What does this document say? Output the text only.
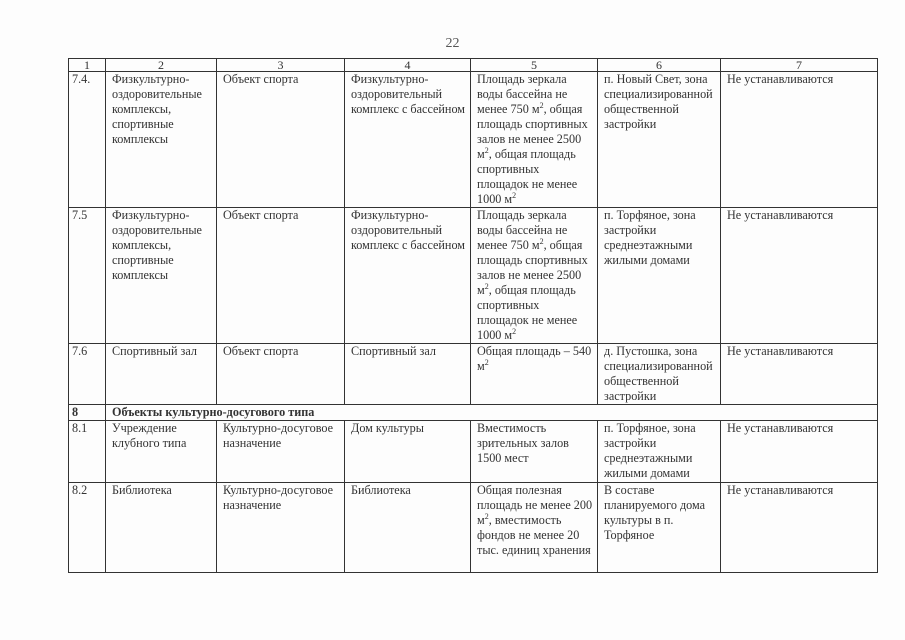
22
1	2	3	4	5	6	7
7.4.	Физкультурно-оздоровительные комплексы, спортивные комплексы	Объект спорта	Физкультурно-оздоровительный комплекс с бассейном	Площадь зеркала воды бассейна не менее 750 $м^2$, общая площадь спортивных залов не менее 2500 $м^2$, общая площадь спортивных площадок не менее 1000 $м^2$	п. Новый Свет, зона специализированной общественной застройки	Не устанавливаются
7.5	Физкультурно-оздоровительные комплексы, спортивные комплексы	Объект спорта	Физкультурно-оздоровительный комплекс с бассейном	Площадь зеркала воды бассейна не менее 750 $м^2$, общая площадь спортивных залов не менее 2500 $м^2$, общая площадь спортивных площадок не менее 1000 $м^2$	п. Торфяное, зона застройки среднеэтажными жилыми домами	Не устанавливаются
7.6	Спортивный зал	Объект спорта	Спортивный зал	Общая площадь – 540 $м^2$	д. Пустошка, зона специализированной общественной застройки	Не устанавливаются
8	Объекты культурно-досугового типа					
8.1	Учреждение клубного типа	Культурно-досуговое назначение	Дом культуры	Вместимость зрительных залов 1500 мест	п. Торфяное, зона застройки среднеэтажными жилыми домами	Не устанавливаются
8.2	Библиотека	Культурно-досуговое назначение	Библиотека	Общая полезная площадь не менее 200 $м^2$, вместимость фондов не менее 20 тыс. единиц хранения	В составе планируемого дома культуры в п. Торфяное	Не устанавливаются
